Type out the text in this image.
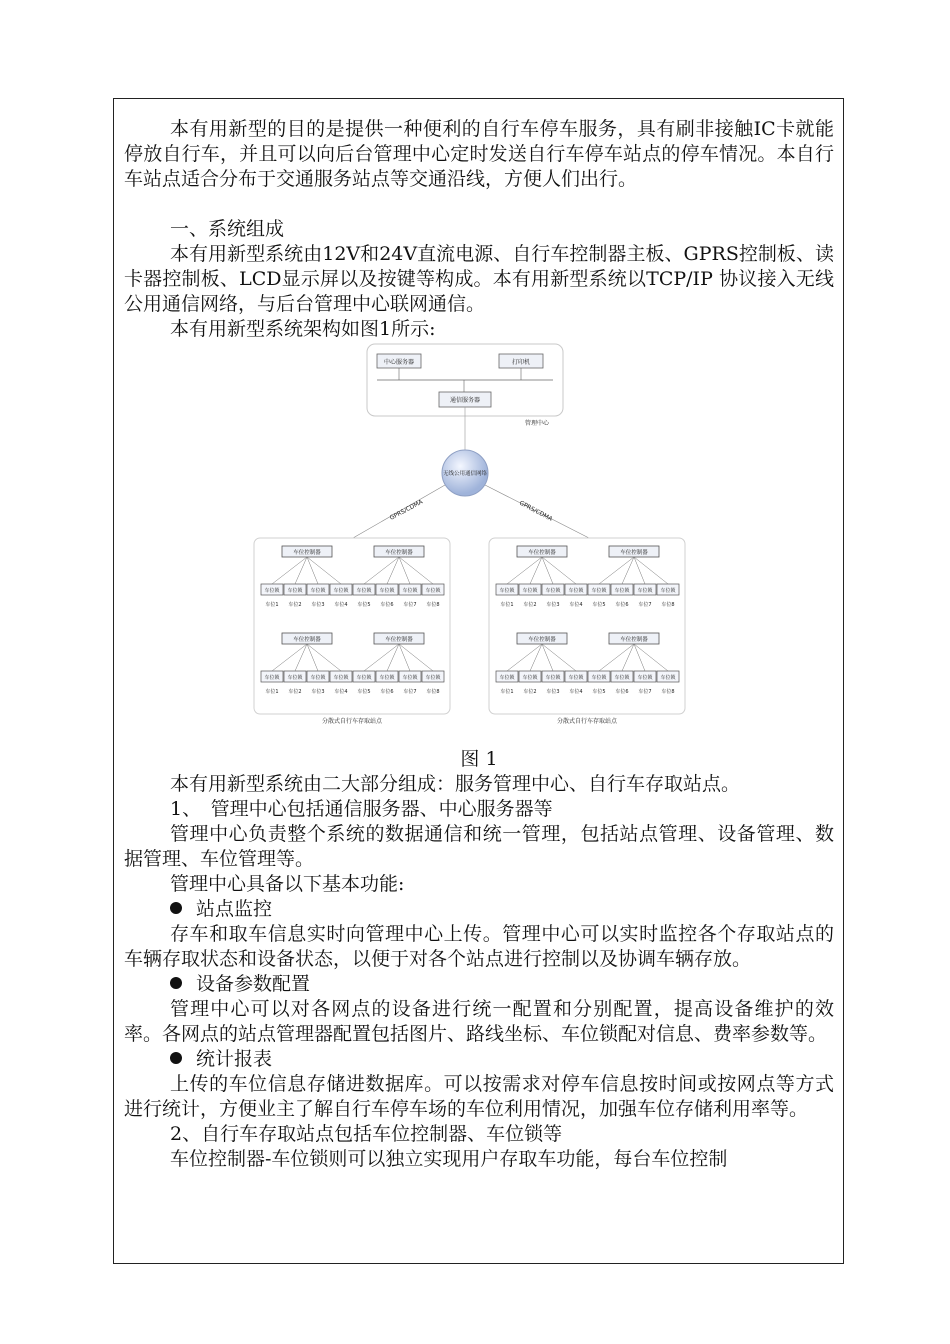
本有用新型的目的是提供一种便利的自行车停车服务，具有刷非接触IC卡就能停放自行车，并且可以向后台管理中心定时发送自行车停车站点的停车情况。本自行车站点适合分布于交通服务站点等交通沿线，方便人们出行。

一、系统组成

本有用新型系统由12V和24V直流电源、自行车控制器主板、GPRS控制板、读卡器控制板、LCD显示屏以及按键等构成。本有用新型系统以TCP/IP 协议接入无线公用通信网络，与后台管理中心联网通信。

本有用新型系统架构如图1所示:

中心服务器	打印机
通信服务器
管理中心
无线公用通信网络
GPRS/CDMA	GPRS/CDMA
车位控制器
车位锁
车位1
车位锁
车位2
车位锁
车位3
车位锁
车位4
车位控制器
车位锁
车位5
车位锁
车位6
车位锁
车位7
车位锁
车位8
车位控制器
车位锁
车位1
车位锁
车位2
车位锁
车位3
车位锁
车位4
车位控制器
车位锁
车位5
车位锁
车位6
车位锁
车位7
车位锁
车位8
车位控制器
车位锁
车位1
车位锁
车位2
车位锁
车位3
车位锁
车位4
车位控制器
车位锁
车位5
车位锁
车位6
车位锁
车位7
车位锁
车位8
车位控制器
车位锁
车位1
车位锁
车位2
车位锁
车位3
车位锁
车位4
车位控制器
车位锁
车位5
车位锁
车位6
车位锁
车位7
车位锁
车位8
分散式自行车存取站点	分散式自行车存取站点

图 1

本有用新型系统由二大部分组成：服务管理中心、自行车存取站点。

1、　管理中心包括通信服务器、中心服务器等

管理中心负责整个系统的数据通信和统一管理，包括站点管理、设备管理、数据管理、车位管理等。

管理中心具备以下基本功能:

站点监控

存车和取车信息实时向管理中心上传。管理中心可以实时监控各个存取站点的车辆存取状态和设备状态，以便于对各个站点进行控制以及协调车辆存放。

设备参数配置

管理中心可以对各网点的设备进行统一配置和分别配置，提高设备维护的效率。各网点的站点管理器配置包括图片、路线坐标、车位锁配对信息、费率参数等。

统计报表

上传的车位信息存储进数据库。可以按需求对停车信息按时间或按网点等方式进行统计，方便业主了解自行车停车场的车位利用情况，加强车位存储利用率等。

2、自行车存取站点包括车位控制器、车位锁等

车位控制器-车位锁则可以独立实现用户存取车功能，每台车位控制
